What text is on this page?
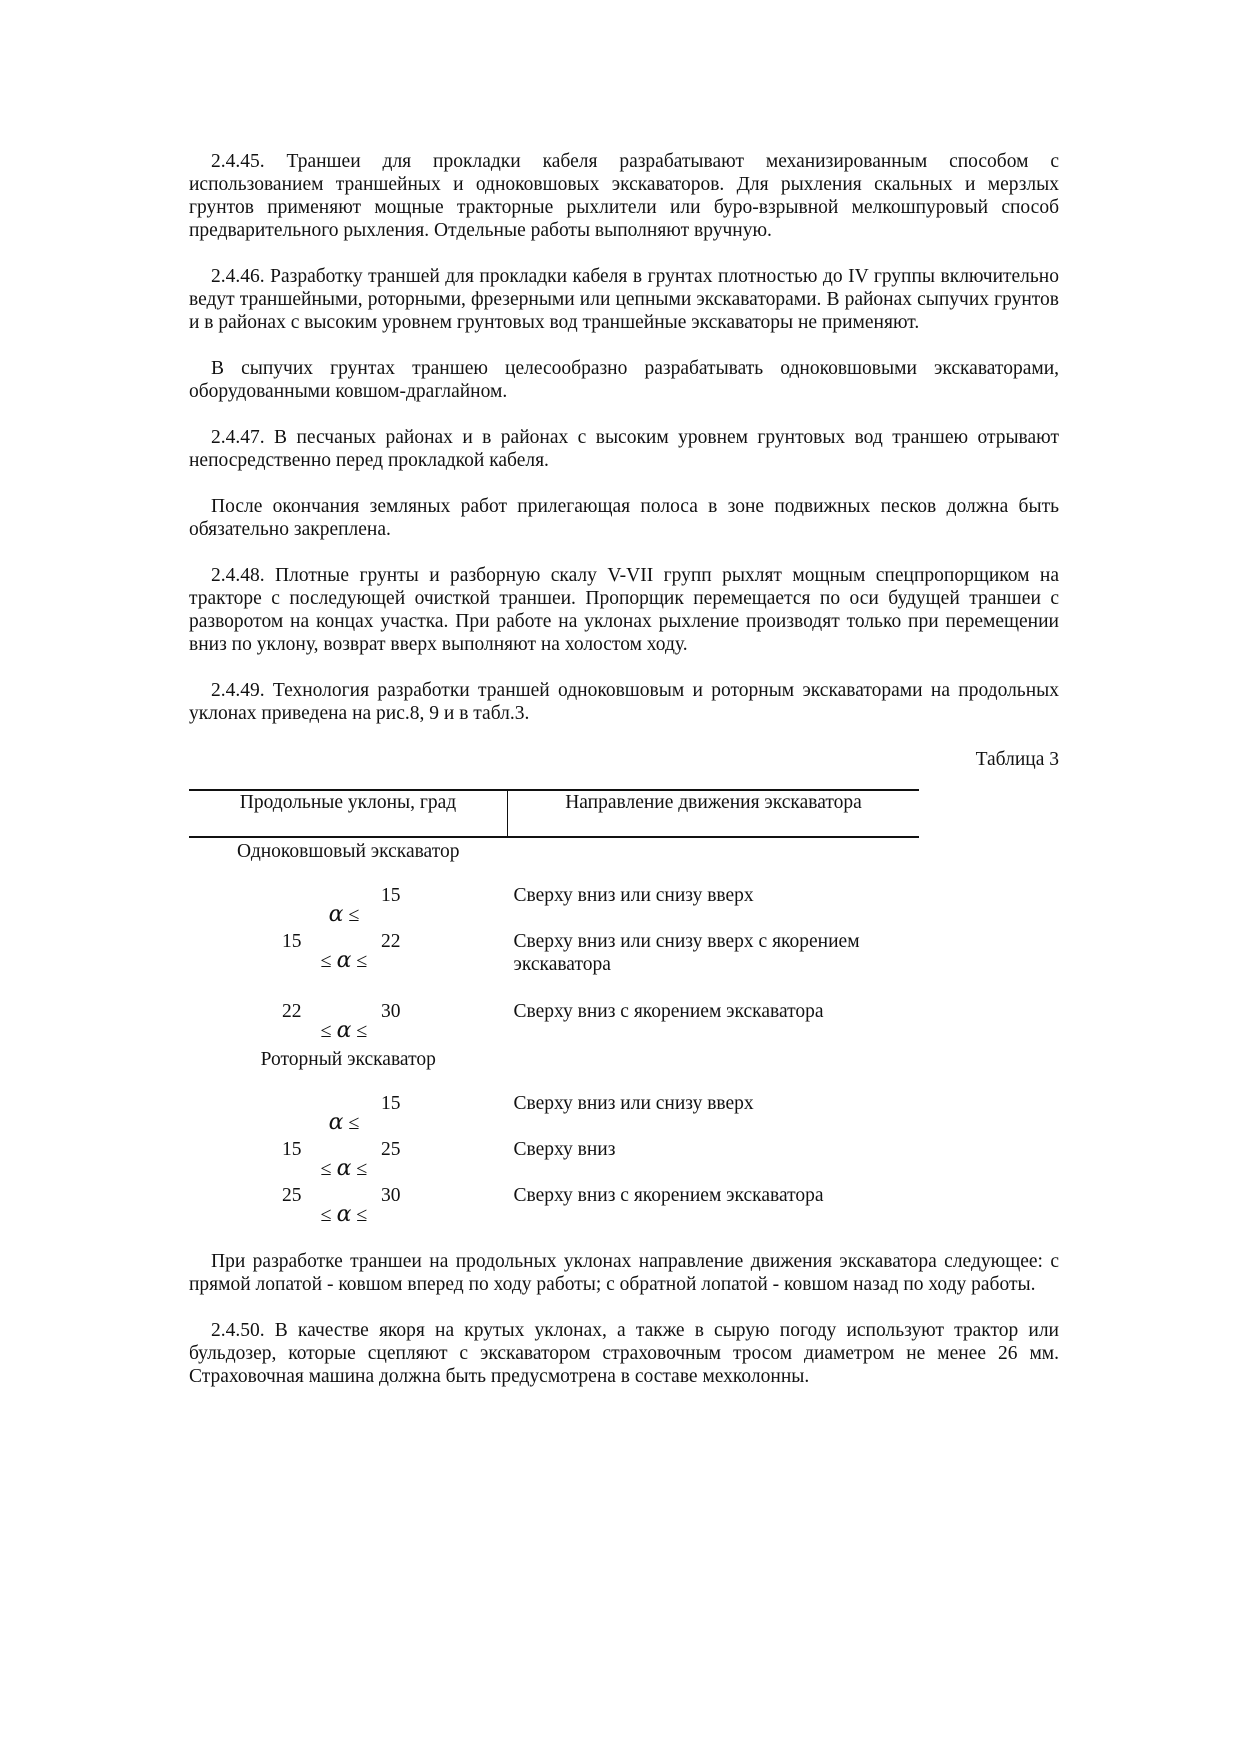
2.4.45. Траншеи для прокладки кабеля разрабатывают механизированным способом с использованием траншейных и одноковшовых экскаваторов. Для рыхления скальных и мерзлых грунтов применяют мощные тракторные рыхлители или буро-взрывной мелкошпуровый способ предварительного рыхления. Отдельные работы выполняют вручную.

2.4.46. Разработку траншей для прокладки кабеля в грунтах плотностью до IV группы включительно ведут траншейными, роторными, фрезерными или цепными экскаваторами. В районах сыпучих грунтов и в районах с высоким уровнем грунтовых вод траншейные экскаваторы не применяют.

В сыпучих грунтах траншею целесообразно разрабатывать одноковшовыми экскаваторами, оборудованными ковшом-драглайном.

2.4.47. В песчаных районах и в районах с высоким уровнем грунтовых вод траншею отрывают непосредственно перед прокладкой кабеля.

После окончания земляных работ прилегающая полоса в зоне подвижных песков должна быть обязательно закреплена.

2.4.48. Плотные грунты и разборную скалу V-VII групп рыхлят мощным спецпропорщиком на тракторе с последующей очисткой траншеи. Пропорщик перемещается по оси будущей траншеи с разворотом на концах участка. При работе на уклонах рыхление производят только при перемещении вниз по уклону, возврат вверх выполняют на холостом ходу.

2.4.49. Технология разработки траншей одноковшовым и роторным экскаваторами на продольных уклонах приведена на рис.8, 9 и в табл.3.

Таблица 3
Продольные уклоны, град	Направление движения экскаватора
Одноковшовый экскаватор	

15
α ≤	Сверху вниз или снизу вверх

15 22
≤ α ≤	Сверху вниз или снизу вверх с якорением экскаватора

22 30
≤ α ≤	Сверху вниз с якорением экскаватора
Роторный экскаватор	

15
α ≤	Сверху вниз или снизу вверх

15 25
≤ α ≤	Сверху вниз

25 30
≤ α ≤	Сверху вниз с якорением экскаватора

При разработке траншеи на продольных уклонах направление движения экскаватора следующее: с прямой лопатой - ковшом вперед по ходу работы; с обратной лопатой - ковшом назад по ходу работы.

2.4.50. В качестве якоря на крутых уклонах, а также в сырую погоду используют трактор или бульдозер, которые сцепляют с экскаватором страховочным тросом диаметром не менее 26 мм. Страховочная машина должна быть предусмотрена в составе мехколонны.
